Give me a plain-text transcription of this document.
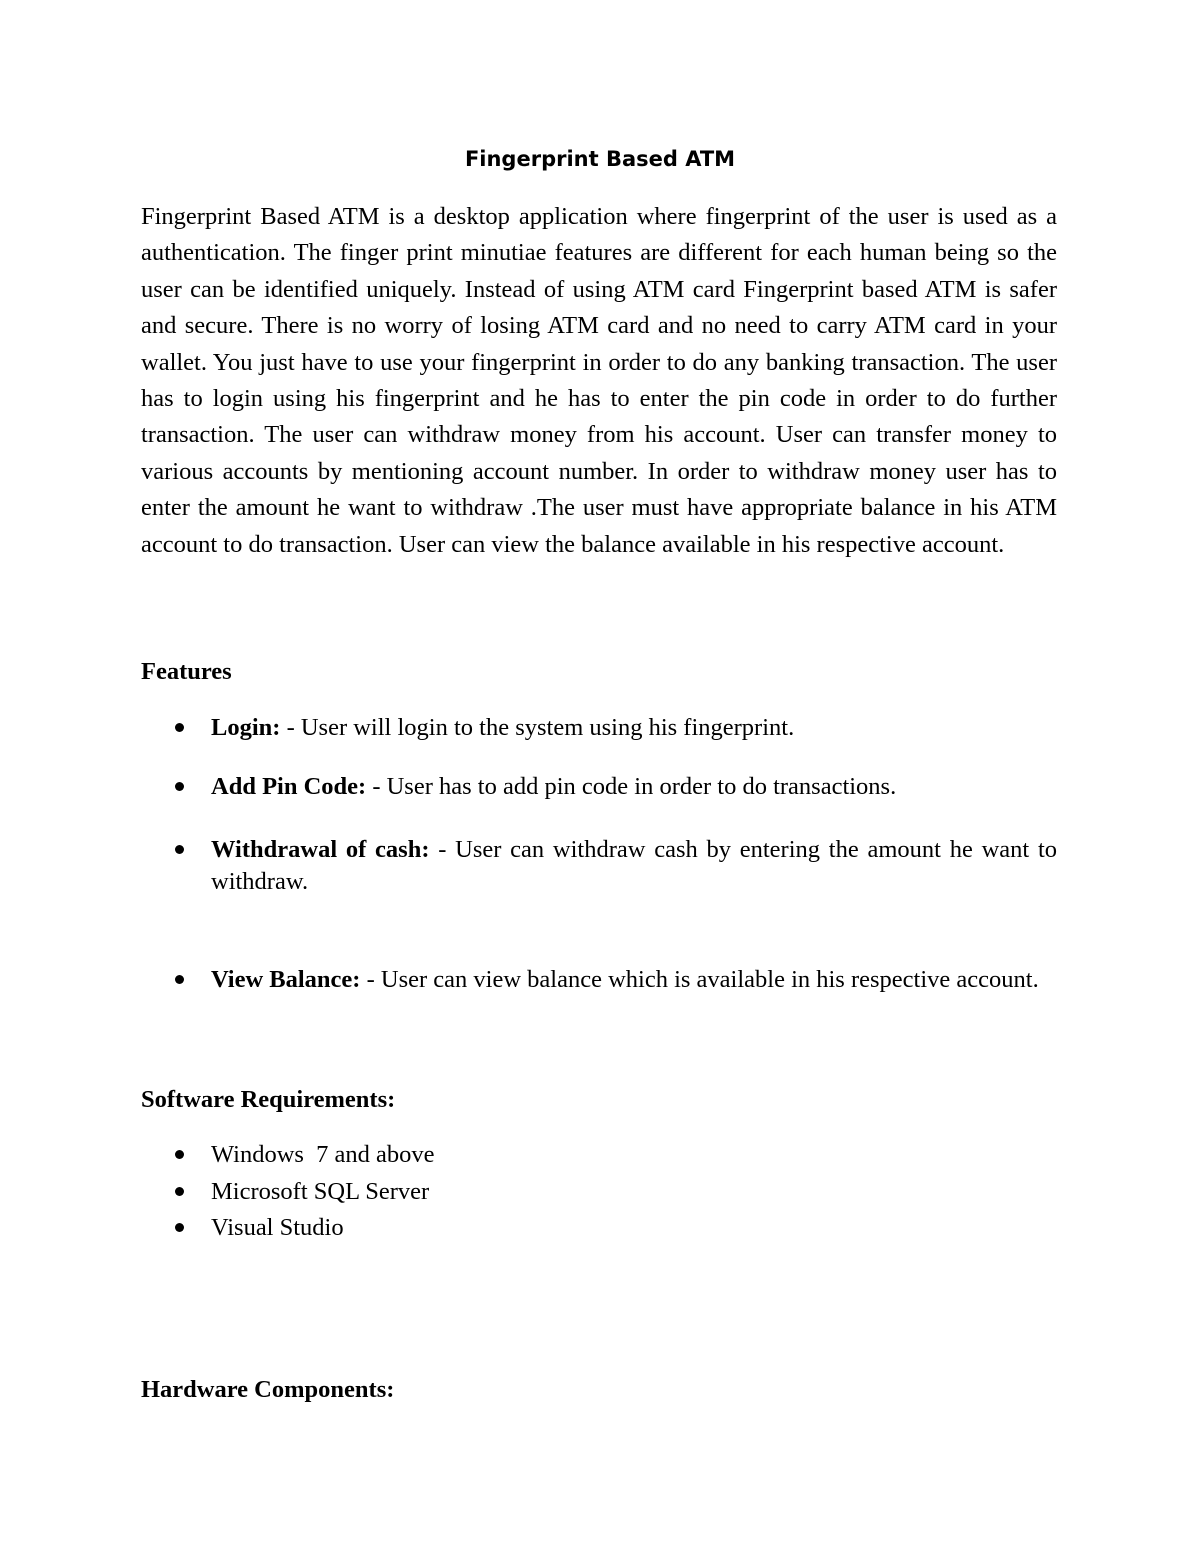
Fingerprint Based ATM

Fingerprint Based ATM is a desktop application where fingerprint of the user is used as a authentication. The finger print minutiae features are different for each human being so the user can be identified uniquely. Instead of using ATM card Fingerprint based ATM is safer and secure. There is no worry of losing ATM card and no need to carry ATM card in your wallet. You just have to use your fingerprint in order to do any banking transaction. The user has to login using his fingerprint and he has to enter the pin code in order to do further transaction. The user can withdraw money from his account. User can transfer money to various accounts by mentioning account number. In order to withdraw money user has to enter the amount he want to withdraw .The user must have appropriate balance in his ATM account to do transaction. User can view the balance available in his respective account.

Features
Login: - User will login to the system using his fingerprint.
Add Pin Code: - User has to add pin code in order to do transactions.
Withdrawal of cash: - User can withdraw cash by entering the amount he want to withdraw.
View Balance: - User can view balance which is available in his respective account.
Software Requirements:
Windows  7 and above
Microsoft SQL Server
Visual Studio
Hardware Components:
